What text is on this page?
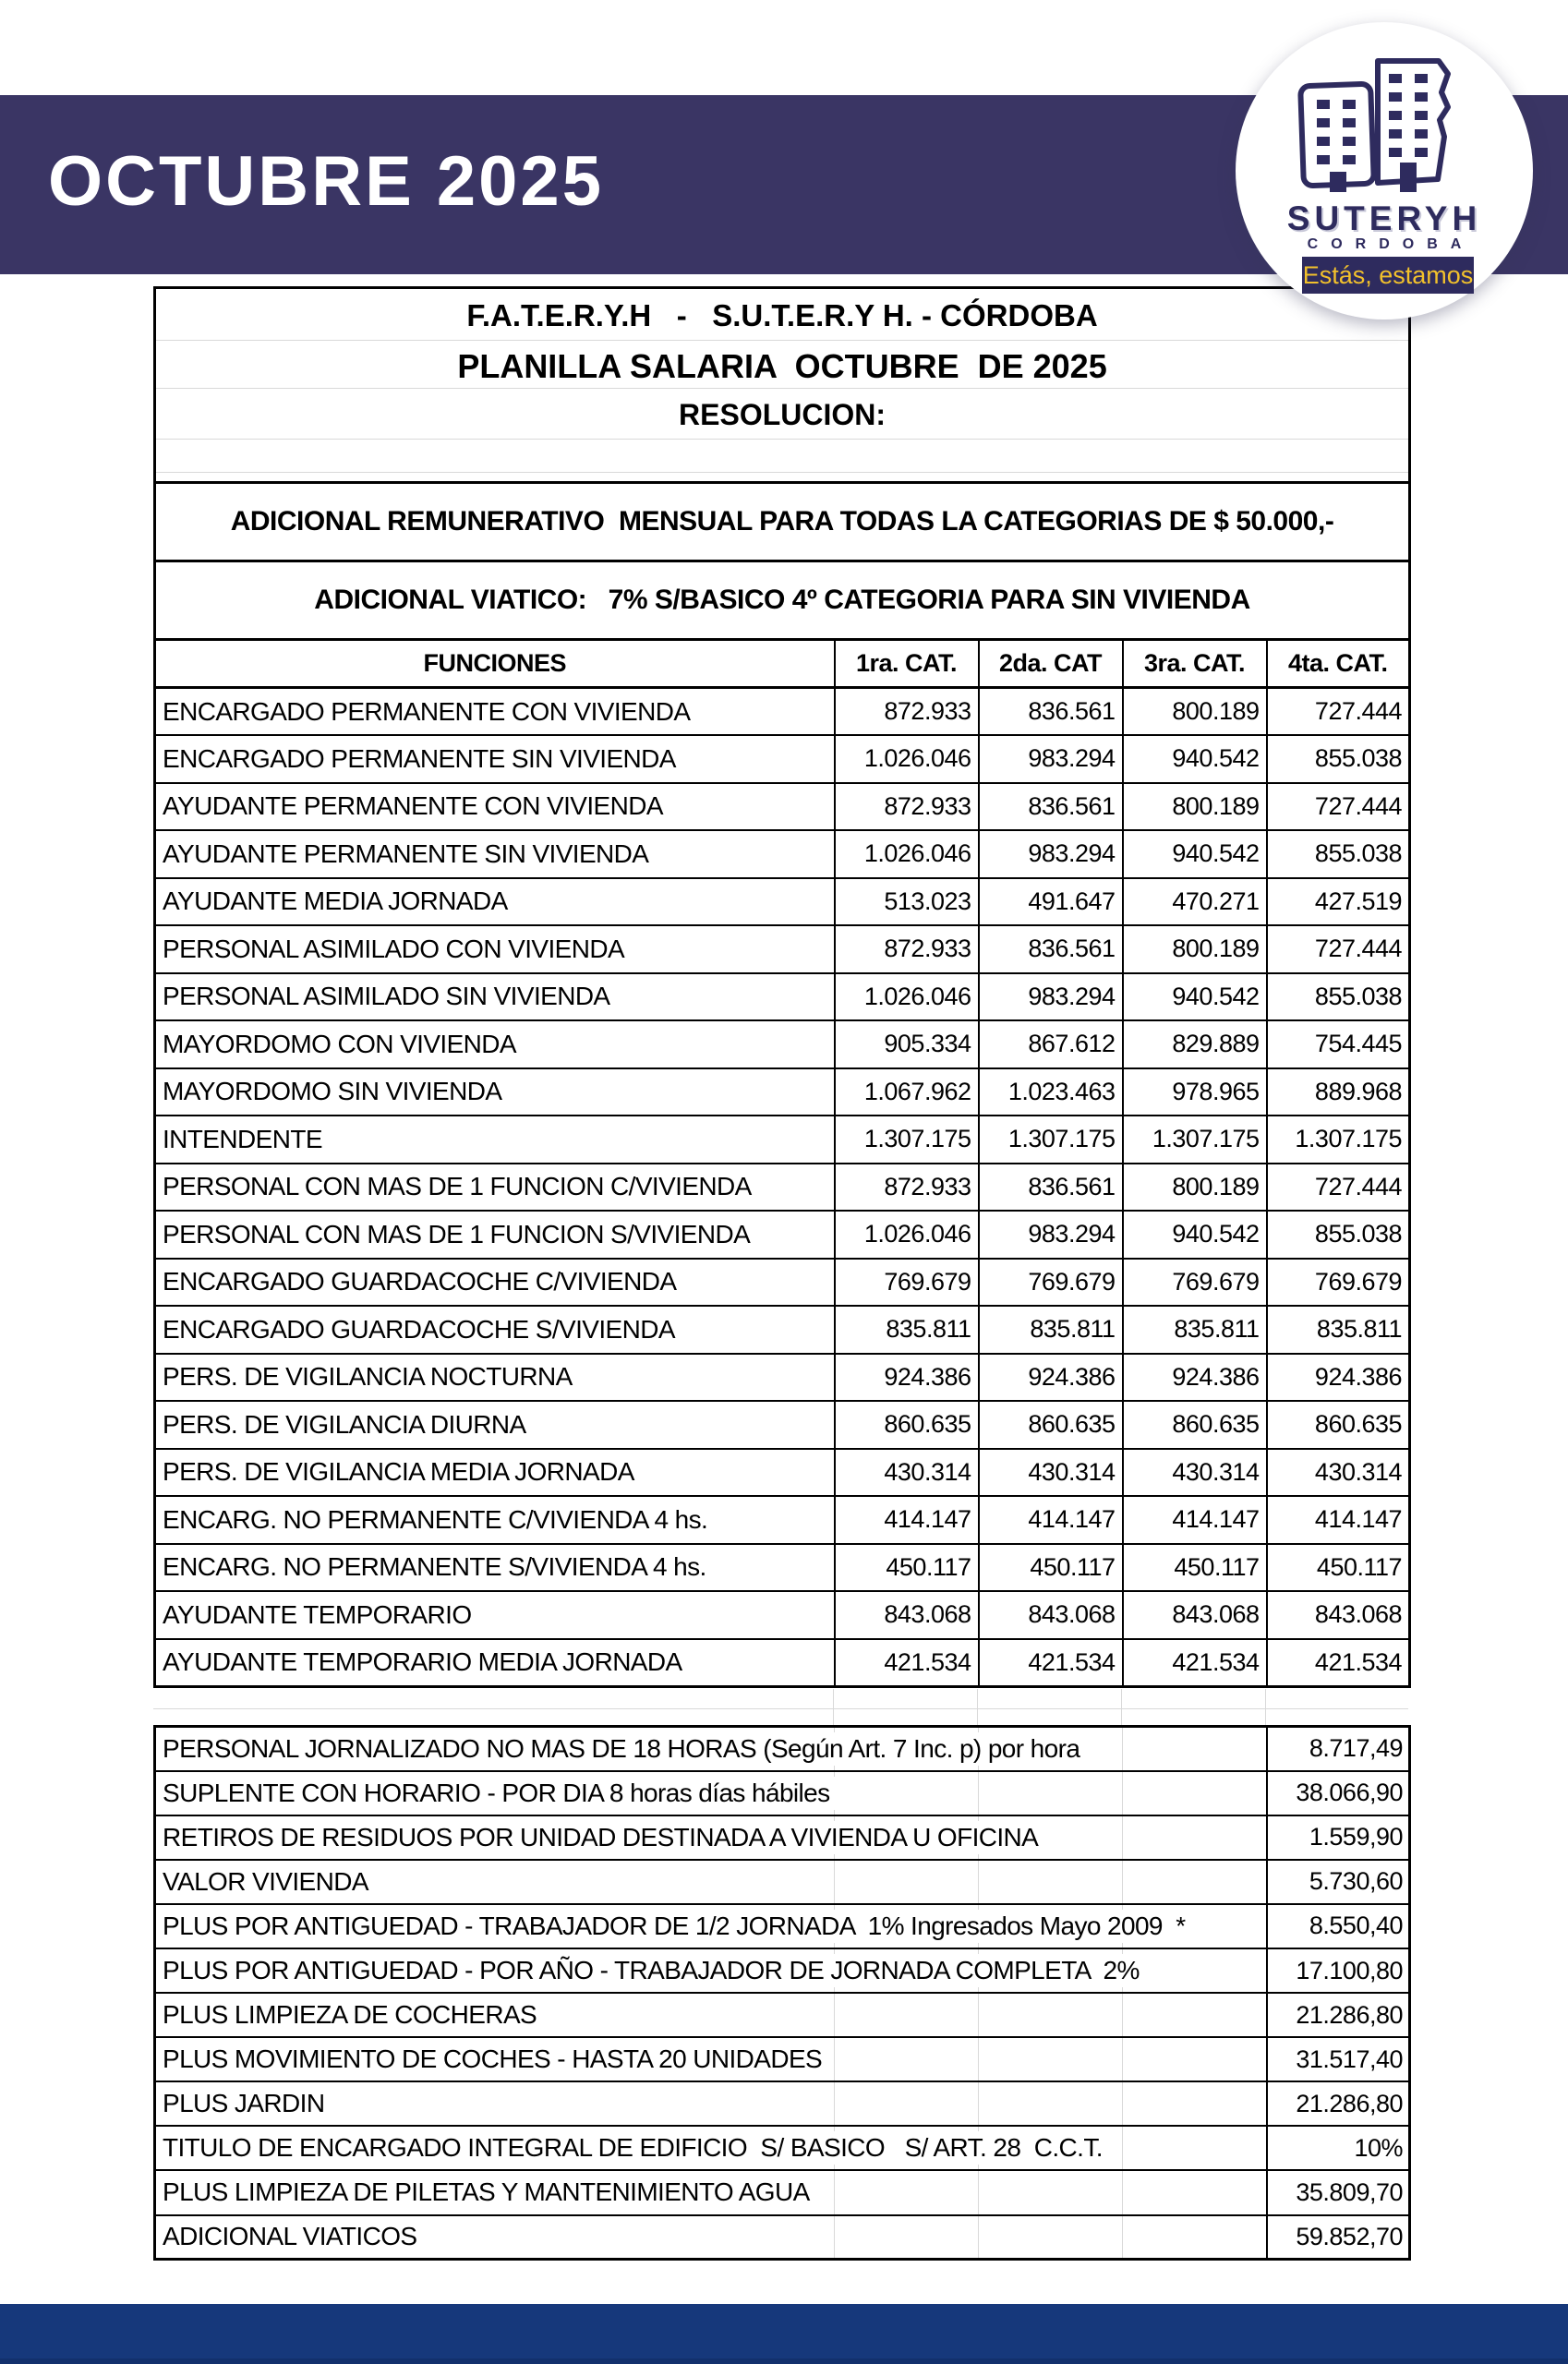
OCTUBRE 2025	SUTERYH
CORDOBA
Estás, estamos
F.A.T.E.R.Y.H   -   S.U.T.E.R.Y H. - CÓRDOBA
PLANILLA SALARIA  OCTUBRE  DE 2025
RESOLUCION:				

ADICIONAL REMUNERATIVO  MENSUAL PARA TODAS LA CATEGORIAS DE $ 50.000,-				
ADICIONAL VIATICO:   7% S/BASICO 4º CATEGORIA PARA SIN VIVIENDA				
FUNCIONES	1ra. CAT.	2da. CAT	3ra. CAT.	4ta. CAT.
ENCARGADO PERMANENTE CON VIVIENDA	872.933	836.561	800.189	727.444
ENCARGADO PERMANENTE SIN VIVIENDA	1.026.046	983.294	940.542	855.038
AYUDANTE PERMANENTE CON VIVIENDA	872.933	836.561	800.189	727.444
AYUDANTE PERMANENTE SIN VIVIENDA	1.026.046	983.294	940.542	855.038
AYUDANTE MEDIA JORNADA	513.023	491.647	470.271	427.519
PERSONAL ASIMILADO CON VIVIENDA	872.933	836.561	800.189	727.444
PERSONAL ASIMILADO SIN VIVIENDA	1.026.046	983.294	940.542	855.038
MAYORDOMO CON VIVIENDA	905.334	867.612	829.889	754.445
MAYORDOMO SIN VIVIENDA	1.067.962	1.023.463	978.965	889.968
INTENDENTE	1.307.175	1.307.175	1.307.175	1.307.175
PERSONAL CON MAS DE 1 FUNCION C/VIVIENDA	872.933	836.561	800.189	727.444
PERSONAL CON MAS DE 1 FUNCION S/VIVIENDA	1.026.046	983.294	940.542	855.038
ENCARGADO GUARDACOCHE C/VIVIENDA	769.679	769.679	769.679	769.679
ENCARGADO GUARDACOCHE S/VIVIENDA	835.811	835.811	835.811	835.811
PERS. DE VIGILANCIA NOCTURNA	924.386	924.386	924.386	924.386
PERS. DE VIGILANCIA DIURNA	860.635	860.635	860.635	860.635
PERS. DE VIGILANCIA MEDIA JORNADA	430.314	430.314	430.314	430.314
ENCARG. NO PERMANENTE C/VIVIENDA 4 hs.	414.147	414.147	414.147	414.147
ENCARG. NO PERMANENTE S/VIVIENDA 4 hs.	450.117	450.117	450.117	450.117
AYUDANTE TEMPORARIO	843.068	843.068	843.068	843.068
AYUDANTE TEMPORARIO MEDIA JORNADA	421.534	421.534	421.534	421.534
PERSONAL JORNALIZADO NO MAS DE 18 HORAS (Según Art. 7 Inc. p) por hora				8.717,49
SUPLENTE CON HORARIO - POR DIA 8 horas días hábiles				38.066,90
RETIROS DE RESIDUOS POR UNIDAD DESTINADA A VIVIENDA U OFICINA				1.559,90
VALOR VIVIENDA				5.730,60
PLUS POR ANTIGUEDAD - TRABAJADOR DE 1/2 JORNADA  1% Ingresados Mayo 2009  *				8.550,40
PLUS POR ANTIGUEDAD - POR AÑO - TRABAJADOR DE JORNADA COMPLETA  2%				17.100,80
PLUS LIMPIEZA DE COCHERAS				21.286,80
PLUS MOVIMIENTO DE COCHES - HASTA 20 UNIDADES				31.517,40
PLUS JARDIN				21.286,80
TITULO DE ENCARGADO INTEGRAL DE EDIFICIO  S/ BASICO   S/ ART. 28  C.C.T.				10%
PLUS LIMPIEZA DE PILETAS Y MANTENIMIENTO AGUA				35.809,70
ADICIONAL VIATICOS				59.852,70
